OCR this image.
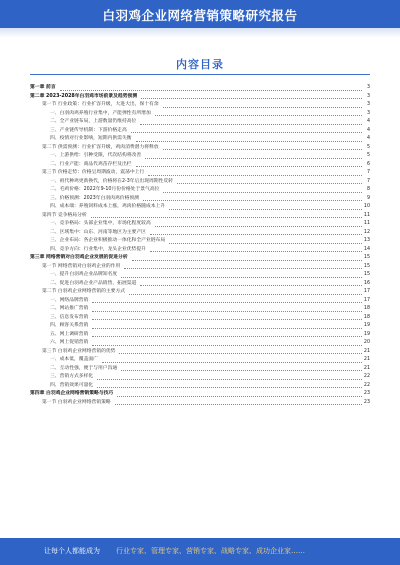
白羽鸡企业网络营销策略研究报告
内容目录
第一章 前言	3
第二章 2023-2028年白羽鸡市场前景及趋势预测	3
第一节 行业政策：行业扩容升级，大进大出，保十有余	3
一、白羽肉鸡养殖行业集中，产能弹性有所增加	3
二、全产业链布局，上游数量仍维持高位	4
三、产业链传导机制：下游价格走高	4
四、疫情对行业影响，短期内供需失衡	4
第二节 供需预测：行业扩容升级，鸡肉消费潜力将释放	5
一、上游供给：引种受限，代次结构将改善	5
二、行业产能：商品代鸡苗存栏及出栏	6
第三节 价格走势：价格呈周期波动，震荡中上行	7
一、祖代种鸡更新换代，价格将在2-3年后出现周期性反转	7
二、毛鸡价格：2022年9-10月份价格处于景气高位	8
三、价格预测：2023年白羽肉鸡价格预测	9
四、成本端：养殖饲料成本上涨，鸡肉价格随成本上升	10
第四节 竞争格局分析	11
一、竞争格局：头部企业集中，市场化程度较高	11
二、区域集中：山东、河南等地区为主要产区	12
三、企业布局：各企业积极推动一体化和全产业链布局	13
四、竞争方向：行业集中，龙头企业优势提升	14
第三章 网络营销对白羽鸡企业发展的促进分析	15
第一节 网络营销对白羽鸡企业的作用	15
一、提升白羽鸡企业品牌知名度	15
二、促进白羽鸡企业产品销售，拓展渠道	16
第二节 白羽鸡企业网络营销的主要方式	17
一、网络品牌营销	17
二、网站推广营销	18
三、信息发布营销	18
四、顾客关系营销	19
五、网上调研营销	19
六、网上促销营销	20
第三节 白羽鸡企业网络营销的优势	21
一、成本低，覆盖面广	21
二、互动性强，便于与用户沟通	21
三、营销方式多样化	22
四、营销效果可量化	22
第四章 白羽鸡企业网络营销策略与技巧	23
第一节 白羽鸡企业网络营销策略	23
让每个人都能成为 行业专家、管理专家、营销专家、战略专家、成功企业家……
